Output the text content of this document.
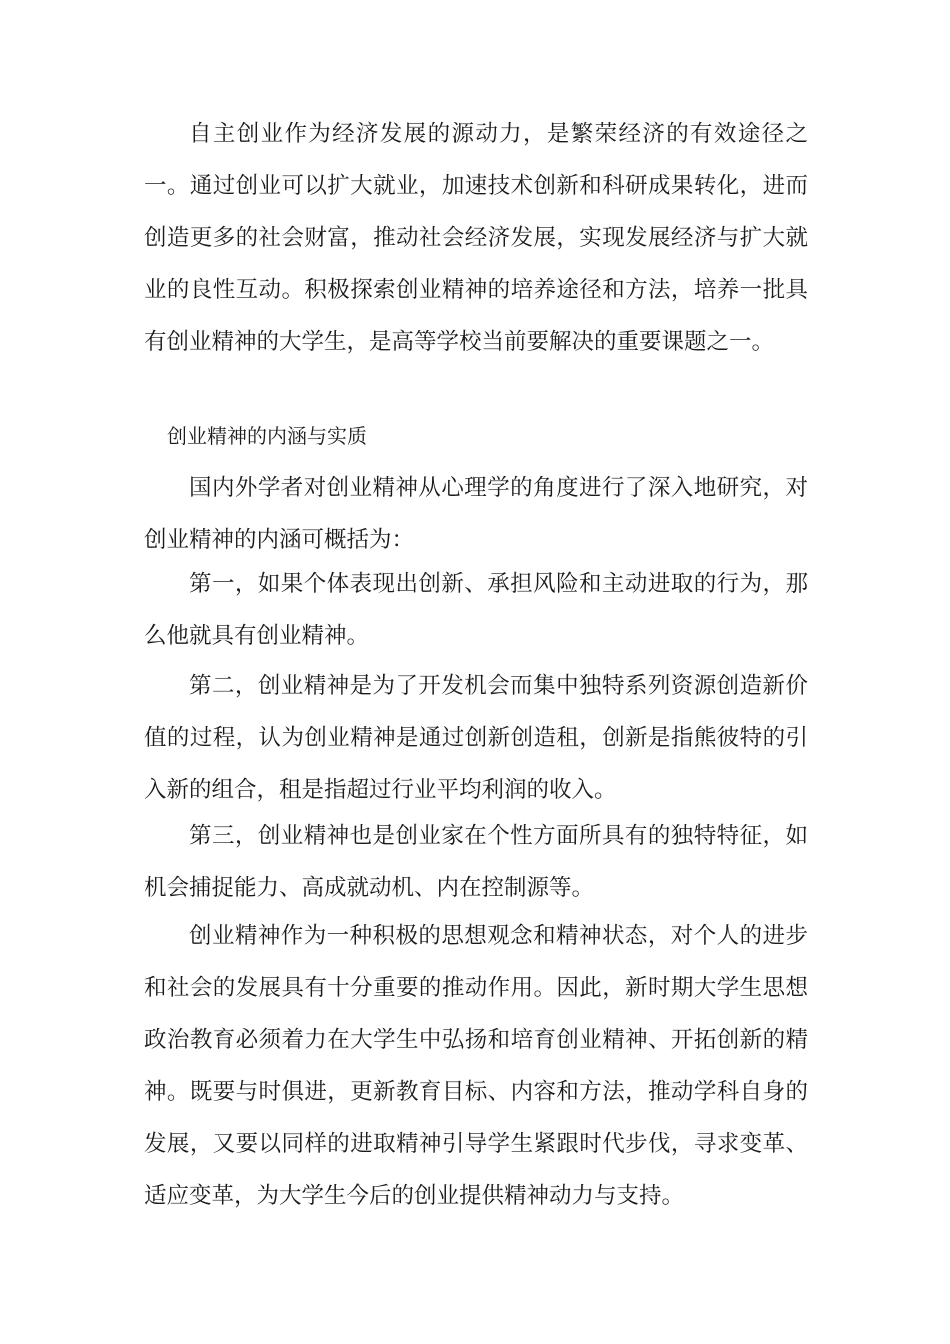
自主创业作为经济发展的源动力，是繁荣经济的有效途径之一。通过创业可以扩大就业，加速技术创新和科研成果转化，进而创造更多的社会财富，推动社会经济发展，实现发展经济与扩大就业的良性互动。积极探索创业精神的培养途径和方法，培养一批具有创业精神的大学生，是高等学校当前要解决的重要课题之一。

创业精神的内涵与实质

国内外学者对创业精神从心理学的角度进行了深入地研究，对创业精神的内涵可概括为：

第一，如果个体表现出创新、承担风险和主动进取的行为，那么他就具有创业精神。

第二，创业精神是为了开发机会而集中独特系列资源创造新价值的过程，认为创业精神是通过创新创造租，创新是指熊彼特的引入新的组合，租是指超过行业平均利润的收入。

第三，创业精神也是创业家在个性方面所具有的独特特征，如机会捕捉能力、高成就动机、内在控制源等。

创业精神作为一种积极的思想观念和精神状态，对个人的进步和社会的发展具有十分重要的推动作用。因此，新时期大学生思想政治教育必须着力在大学生中弘扬和培育创业精神、开拓创新的精神。既要与时俱进，更新教育目标、内容和方法，推动学科自身的发展，又要以同样的进取精神引导学生紧跟时代步伐，寻求变革、适应变革，为大学生今后的创业提供精神动力与支持。
